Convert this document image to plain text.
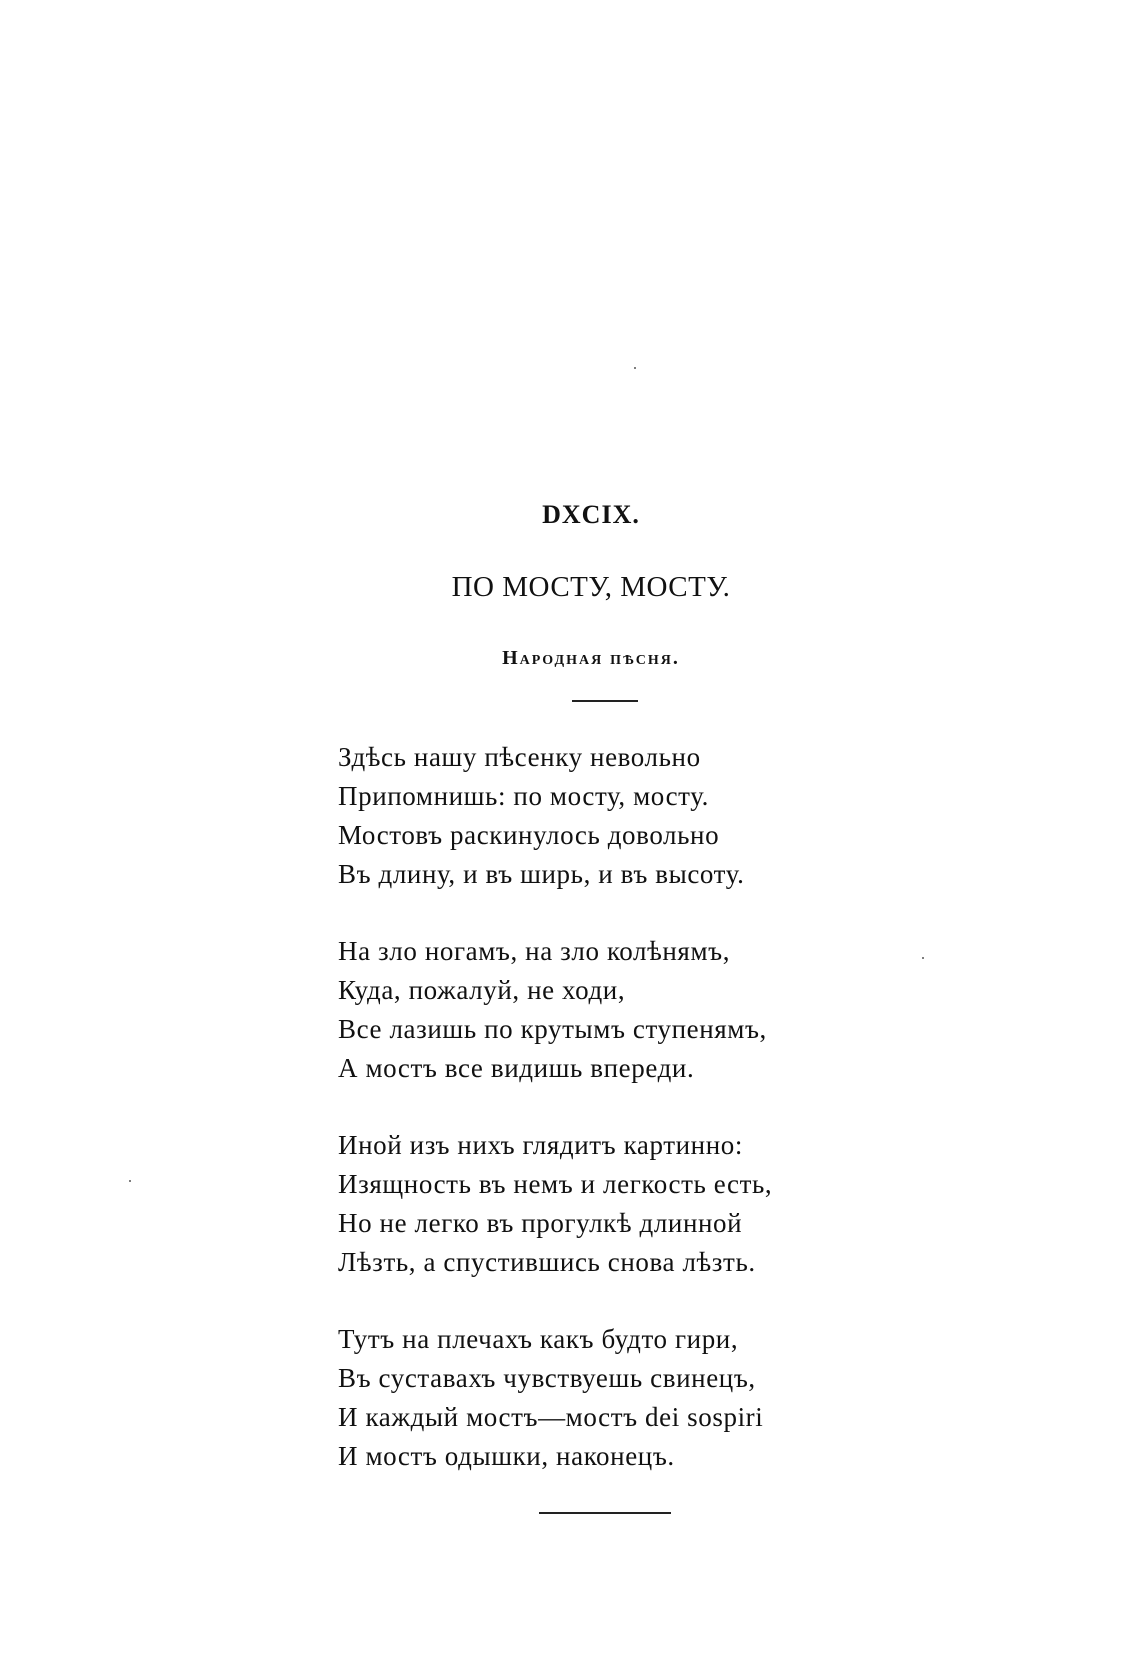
DXCIX.
ПО МОСТУ, МОСТУ.
Народная пѣсня.
Здѣсь нашу пѣсенку невольно
Припомнишь: по мосту, мосту.
Мостовъ раскинулось довольно
Въ длину, и въ ширь, и въ высоту.
На зло ногамъ, на зло колѣнямъ,
Куда, пожалуй, не ходи,
Все лазишь по крутымъ ступенямъ,
А мостъ все видишь впереди.
Иной изъ нихъ глядитъ картинно:
Изящность въ немъ и легкость есть,
Но не легко въ прогулкѣ длинной
Лѣзть, а спустившись снова лѣзть.
Тутъ на плечахъ какъ будто гири,
Въ суставахъ чувствуешь свинецъ,
И каждый мостъ—мостъ dei sospiri
И мостъ одышки, наконецъ.
